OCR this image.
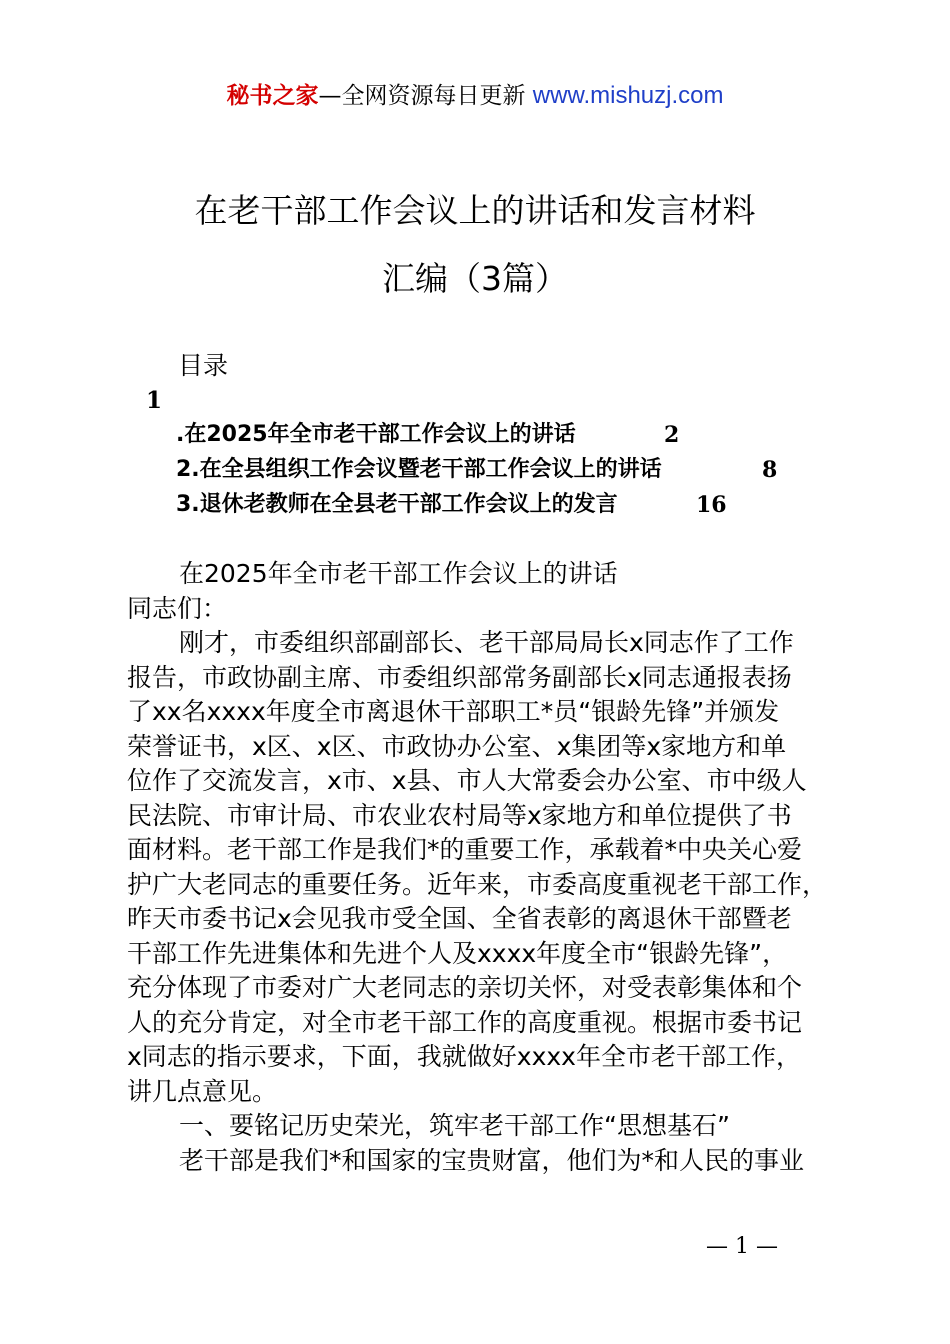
秘书之家—全网资源每日更新 www.mishuzj.com
在老干部工作会议上的讲话和发言材料
汇编（3篇）
目录
1
.在2025年全市老干部工作会议上的讲话	2
2.在全县组织工作会议暨老干部工作会议上的讲话	8
3.退休老教师在全县老干部工作会议上的发言	16

在2025年全市老干部工作会议上的讲话

同志们：

刚才，市委组织部副部长、老干部局局长x同志作了工作

报告，市政协副主席、市委组织部常务副部长x同志通报表扬

了xx名xxxx年度全市离退休干部职工*员“银龄先锋”并颁发

荣誉证书，x区、x区、市政协办公室、x集团等x家地方和单

位作了交流发言，x市、x县、市人大常委会办公室、市中级人

民法院、市审计局、市农业农村局等x家地方和单位提供了书

面材料。老干部工作是我们*的重要工作，承载着*中央关心爱

护广大老同志的重要任务。近年来，市委高度重视老干部工作，

昨天市委书记x会见我市受全国、全省表彰的离退休干部暨老

干部工作先进集体和先进个人及xxxx年度全市“银龄先锋”，

充分体现了市委对广大老同志的亲切关怀，对受表彰集体和个

人的充分肯定，对全市老干部工作的高度重视。根据市委书记

x同志的指示要求，下面，我就做好xxxx年全市老干部工作，

讲几点意见。

一、要铭记历史荣光，筑牢老干部工作“思想基石”

老干部是我们*和国家的宝贵财富，他们为*和人民的事业

— 1 —
